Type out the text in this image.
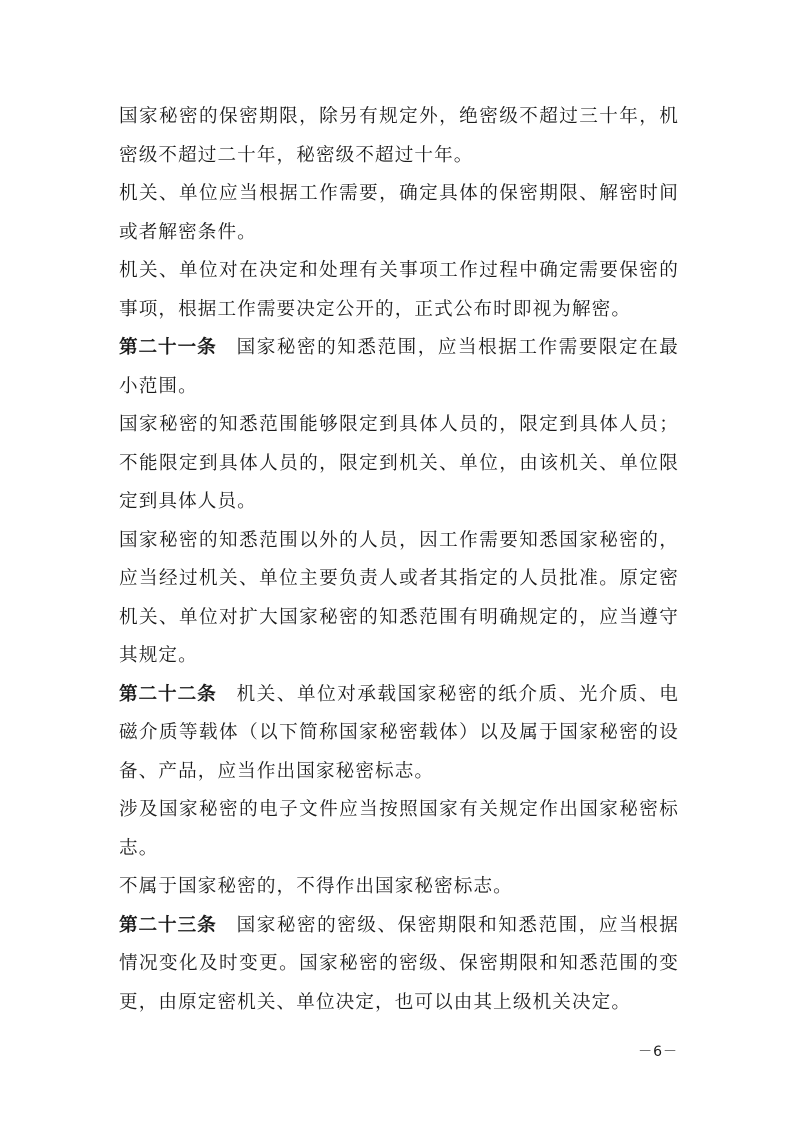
国家秘密的保密期限，除另有规定外，绝密级不超过三十年，机密级不超过二十年，秘密级不超过十年。

机关、单位应当根据工作需要，确定具体的保密期限、解密时间或者解密条件。

机关、单位对在决定和处理有关事项工作过程中确定需要保密的事项，根据工作需要决定公开的，正式公布时即视为解密。

第二十一条 国家秘密的知悉范围，应当根据工作需要限定在最小范围。

国家秘密的知悉范围能够限定到具体人员的，限定到具体人员；不能限定到具体人员的，限定到机关、单位，由该机关、单位限定到具体人员。

国家秘密的知悉范围以外的人员，因工作需要知悉国家秘密的，应当经过机关、单位主要负责人或者其指定的人员批准。原定密机关、单位对扩大国家秘密的知悉范围有明确规定的，应当遵守其规定。

第二十二条 机关、单位对承载国家秘密的纸介质、光介质、电磁介质等载体（以下简称国家秘密载体）以及属于国家秘密的设备、产品，应当作出国家秘密标志。

涉及国家秘密的电子文件应当按照国家有关规定作出国家秘密标志。

不属于国家秘密的，不得作出国家秘密标志。

第二十三条 国家秘密的密级、保密期限和知悉范围，应当根据情况变化及时变更。国家秘密的密级、保密期限和知悉范围的变更，由原定密机关、单位决定，也可以由其上级机关决定。

－6－
